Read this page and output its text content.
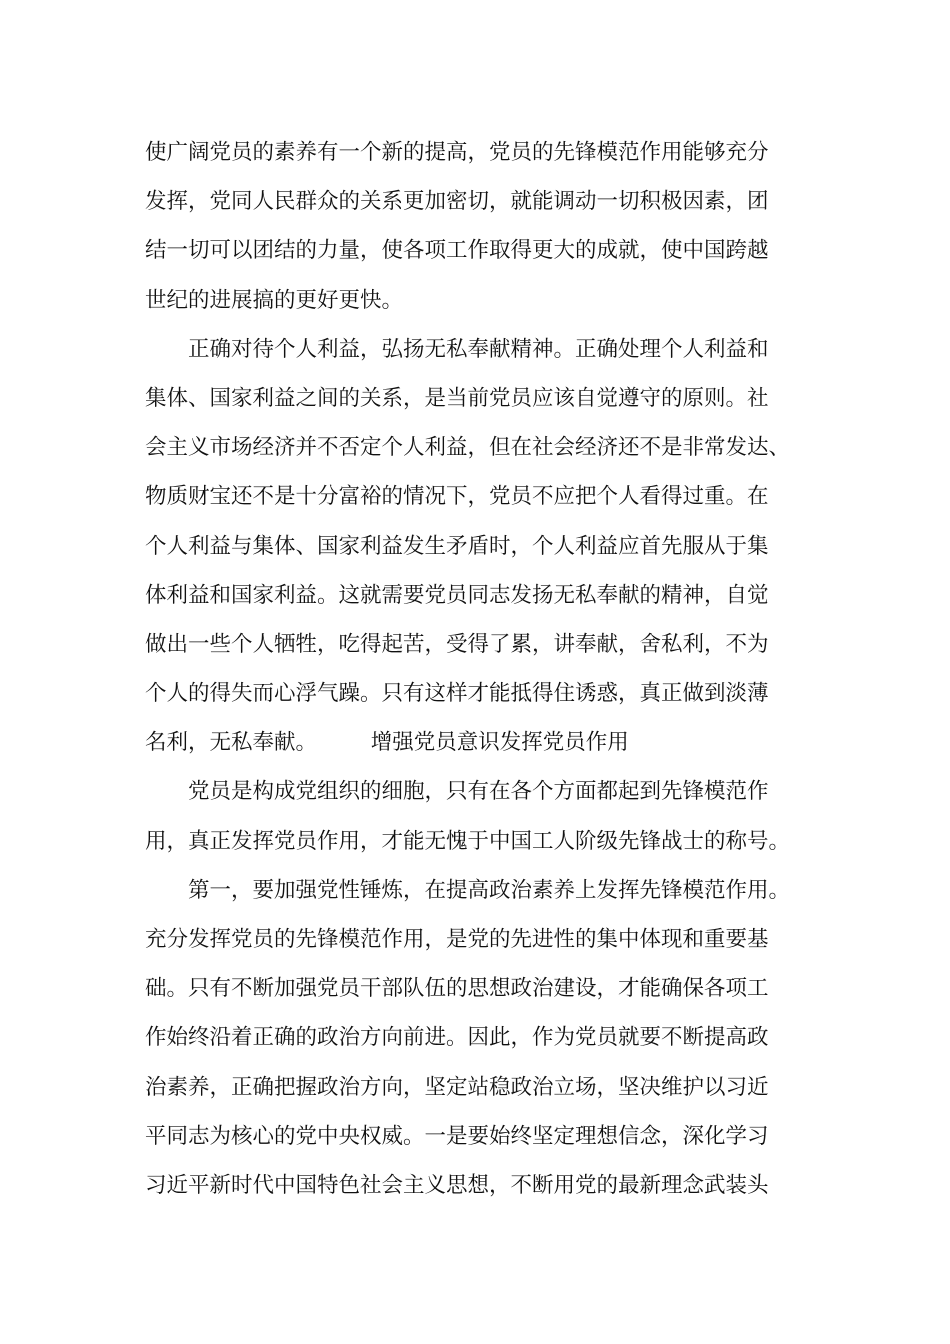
使广阔党员的素养有一个新的提高，党员的先锋模范作用能够充分
发挥，党同人民群众的关系更加密切，就能调动一切积极因素，团
结一切可以团结的力量，使各项工作取得更大的成就，使中国跨越
世纪的进展搞的更好更快。
　　正确对待个人利益，弘扬无私奉献精神。正确处理个人利益和
集体、国家利益之间的关系，是当前党员应该自觉遵守的原则。社
会主义市场经济并不否定个人利益，但在社会经济还不是非常发达、
物质财宝还不是十分富裕的情况下，党员不应把个人看得过重。在
个人利益与集体、国家利益发生矛盾时，个人利益应首先服从于集
体利益和国家利益。这就需要党员同志发扬无私奉献的精神，自觉
做出一些个人牺牲，吃得起苦，受得了累，讲奉献，舍私利，不为
个人的得失而心浮气躁。只有这样才能抵得住诱惑，真正做到淡薄
名利，无私奉献。　　　增强党员意识发挥党员作用
　　党员是构成党组织的细胞，只有在各个方面都起到先锋模范作
用，真正发挥党员作用，才能无愧于中国工人阶级先锋战士的称号。
　　第一，要加强党性锤炼，在提高政治素养上发挥先锋模范作用。
充分发挥党员的先锋模范作用，是党的先进性的集中体现和重要基
础。只有不断加强党员干部队伍的思想政治建设，才能确保各项工
作始终沿着正确的政治方向前进。因此，作为党员就要不断提高政
治素养，正确把握政治方向，坚定站稳政治立场，坚决维护以习近
平同志为核心的党中央权威。一是要始终坚定理想信念，深化学习
习近平新时代中国特色社会主义思想，不断用党的最新理念武装头
